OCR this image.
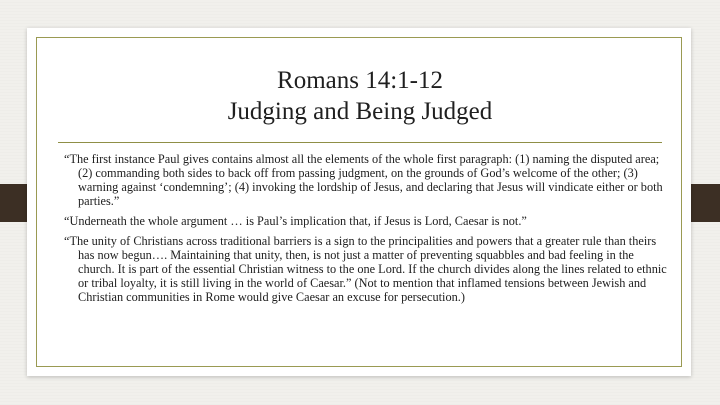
Romans 14:1-12
Judging and Being Judged

“The first instance Paul gives contains almost all the elements of the whole first paragraph: (1) naming the disputed area; (2) commanding both sides to back off from passing judgment, on the grounds of God’s welcome of the other; (3) warning against ‘condemning’; (4) invoking the lordship of Jesus, and declaring that Jesus will vindicate either or both parties.”

“Underneath the whole argument … is Paul’s implication that, if Jesus is Lord, Caesar is not.”

“The unity of Christians across traditional barriers is a sign to the principalities and powers that a greater rule than theirs has now begun…. Maintaining that unity, then, is not just a matter of preventing squabbles and bad feeling in the church. It is part of the essential Christian witness to the one Lord. If the church divides along the lines related to ethnic or tribal loyalty, it is still living in the world of Caesar.” (Not to mention that inflamed tensions between Jewish and Christian communities in Rome would give Caesar an excuse for persecution.)
